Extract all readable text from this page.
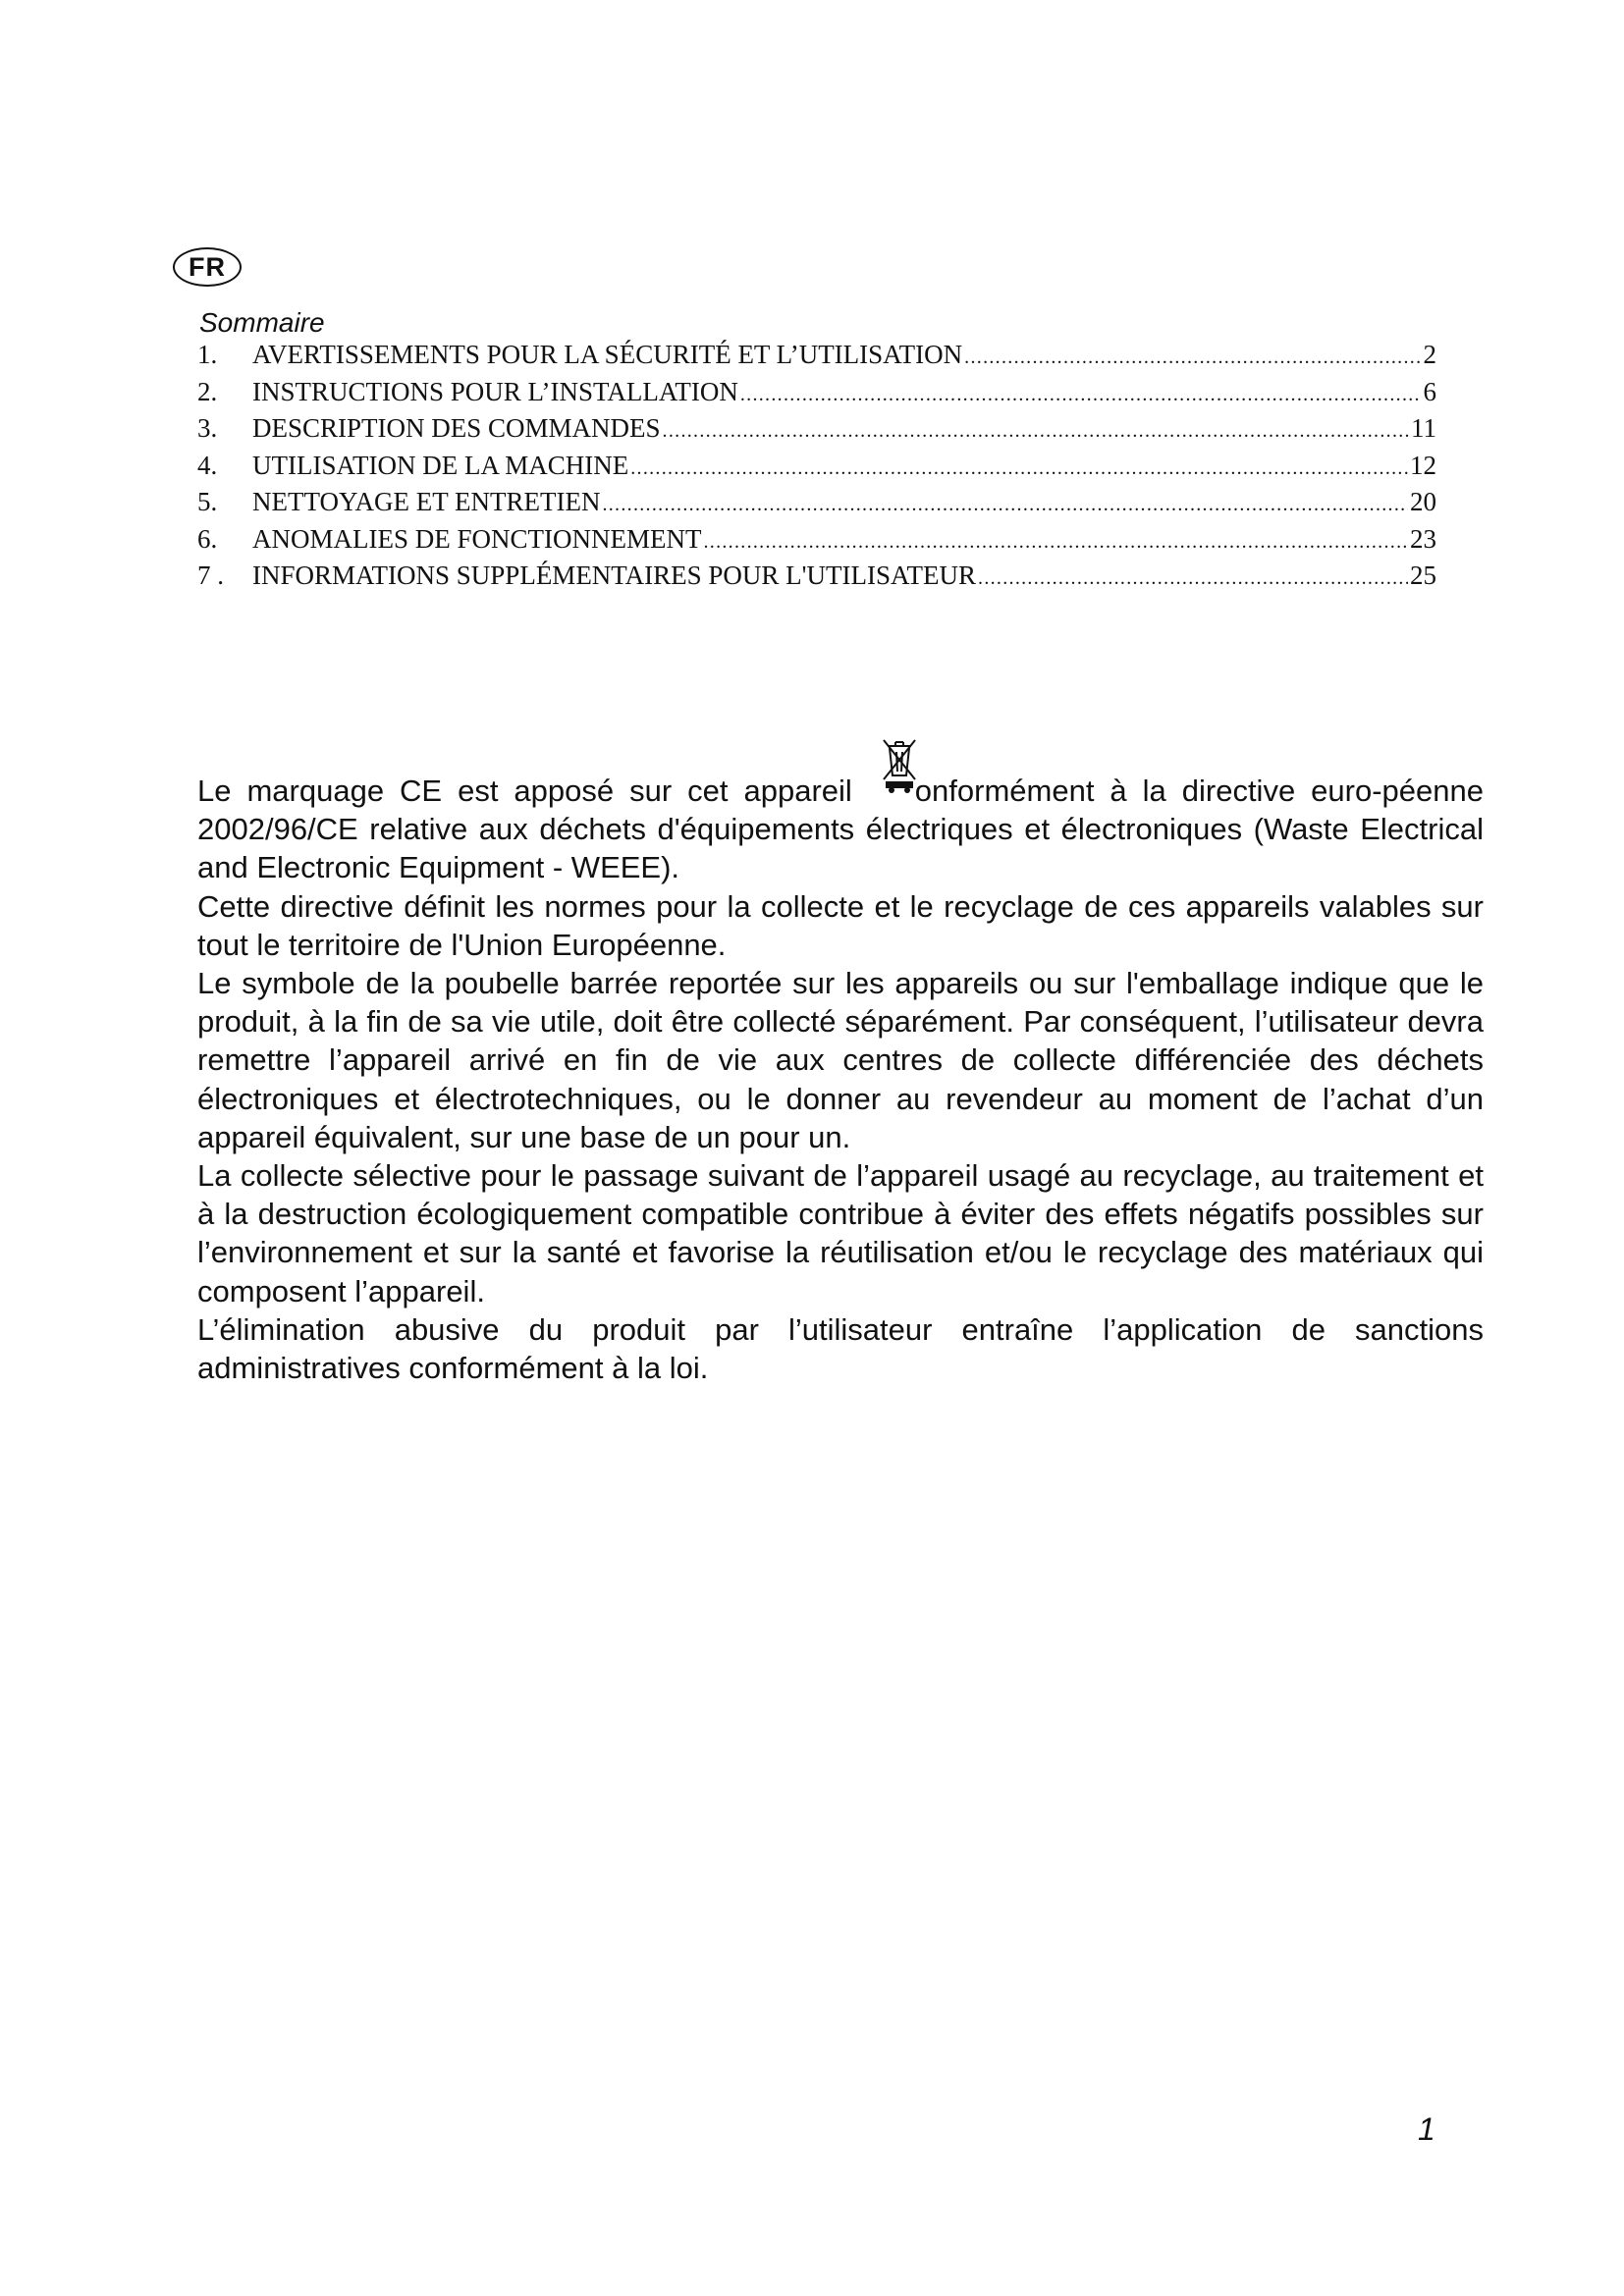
FR
Sommaire
1.	AVERTISSEMENTS POUR LA SÉCURITÉ ET L’UTILISATION .....	2
2.	INSTRUCTIONS POUR L’INSTALLATION .....	6
3.	DESCRIPTION DES COMMANDES .....	11
4.	UTILISATION DE LA MACHINE .....	12
5.	NETTOYAGE ET ENTRETIEN .....	20
6.	ANOMALIES DE FONCTIONNEMENT .....	23
7 .	INFORMATIONS SUPPLÉMENTAIRES POUR L'UTILISATEUR .....	25

Le marquage CE est apposé sur cet appareil onformément à la directive euro-péenne 2002/96/CE relative aux déchets d'équipements électriques et électroniques (Waste Electrical and Electronic Equipment - WEEE).

Cette directive définit les normes pour la collecte et le recyclage de ces appareils valables sur tout le territoire de l'Union Européenne.

Le symbole de la poubelle barrée reportée sur les appareils ou sur l'emballage indique que le produit, à la fin de sa vie utile, doit être collecté séparément. Par conséquent, l’utilisateur devra remettre l’appareil arrivé en fin de vie aux centres de collecte différenciée des déchets électroniques et électrotechniques, ou le donner au revendeur au moment de l’achat d’un appareil équivalent, sur une base de un pour un.

La collecte sélective pour le passage suivant de l’appareil usagé au recyclage, au traitement et à la destruction écologiquement compatible contribue à éviter des effets négatifs possibles sur l’environnement et sur la santé et favorise la réutilisation et/ou le recyclage des matériaux qui composent l’appareil.

L’élimination abusive du produit par l’utilisateur entraîne l’application de sanctions administratives conformément à la loi.

1
